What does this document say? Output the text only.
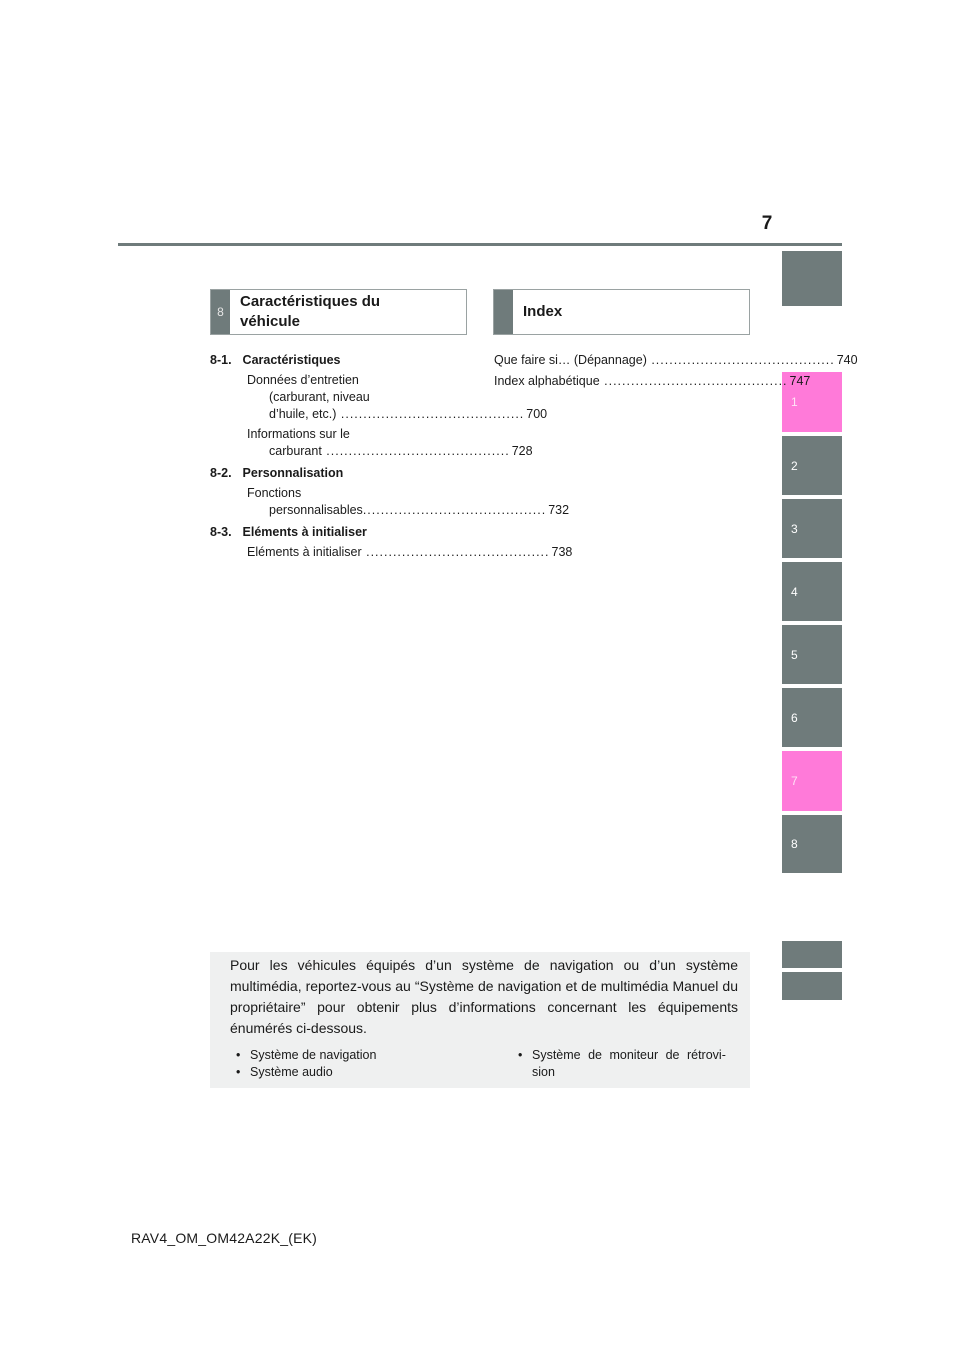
7
1
2
3
4
5
6
7
8
8
Caractéristiques du
véhicule
Index
8-1. Caractéristiques
Données d’entretien
(carburant, niveau
d’huile, etc.) ......................................... 700
Informations sur le
carburant ......................................... 728
8-2. Personnalisation
Fonctions
personnalisables ......................................... 732
8-3. Eléments à initialiser
Eléments à initialiser ......................................... 738
Que faire si… (Dépannage) ......................................... 740
Index alphabétique ......................................... 747
Pour les véhicules équipés d’un système de navigation ou d’un système multimédia, reportez-vous au “Système de navigation et de multimédia Manuel du propriétaire” pour obtenir plus d’informations concernant les équipements énumérés ci-dessous.
• Système de navigation
• Système audio
• Système de moniteur de rétrovi-
sion
RAV4_OM_OM42A22K_(EK)
